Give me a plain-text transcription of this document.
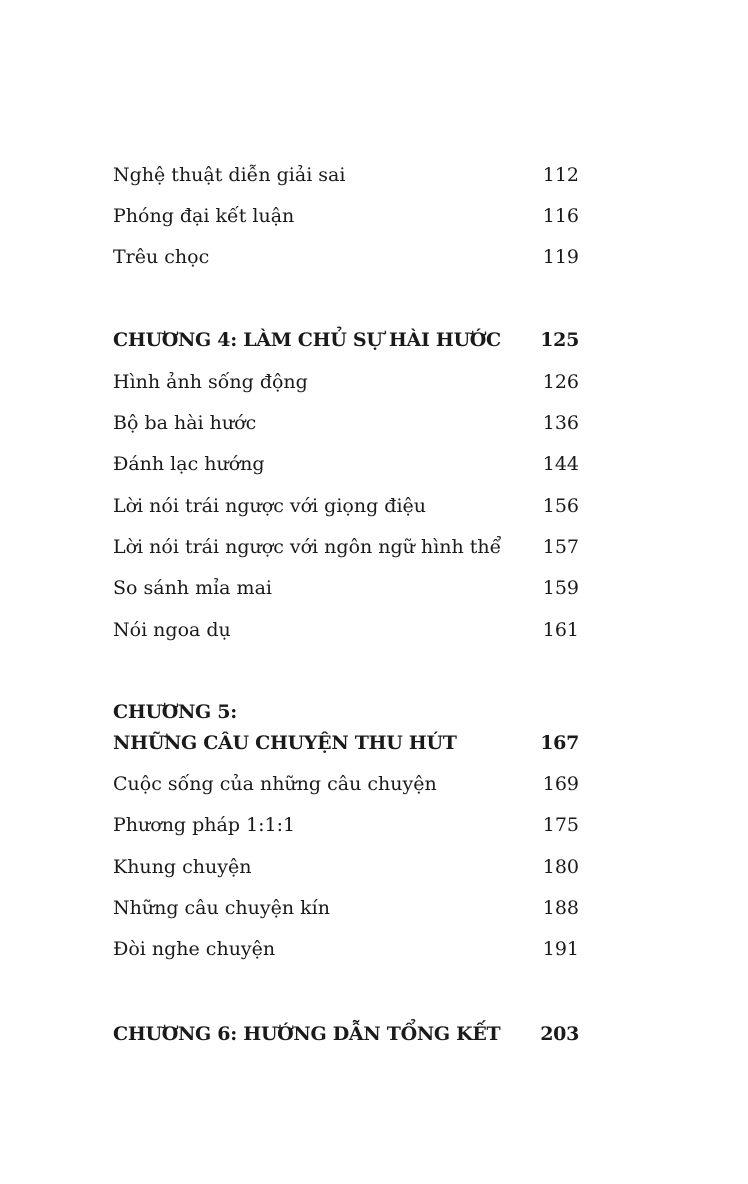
Nghệ thuật diễn giải sai	112
Phóng đại kết luận	116
Trêu chọc	119
CHƯƠNG 4: LÀM CHỦ SỰ HÀI HƯỚC 125
Hình ảnh sống động	126
Bộ ba hài hước	136
Đánh lạc hướng	144
Lời nói trái ngược với giọng điệu	156
Lời nói trái ngược với ngôn ngữ hình thể 157
So sánh mỉa mai	159
Nói ngoa dụ	161
CHƯƠNG 5:
NHỮNG CÂU CHUYỆN THU HÚT	167
Cuộc sống của những câu chuyện	169
Phương pháp 1:1:1	175
Khung chuyện	180
Những câu chuyện kín	188
Đòi nghe chuyện	191
CHƯƠNG 6: HƯỚNG DẪN TỔNG KẾT 203
